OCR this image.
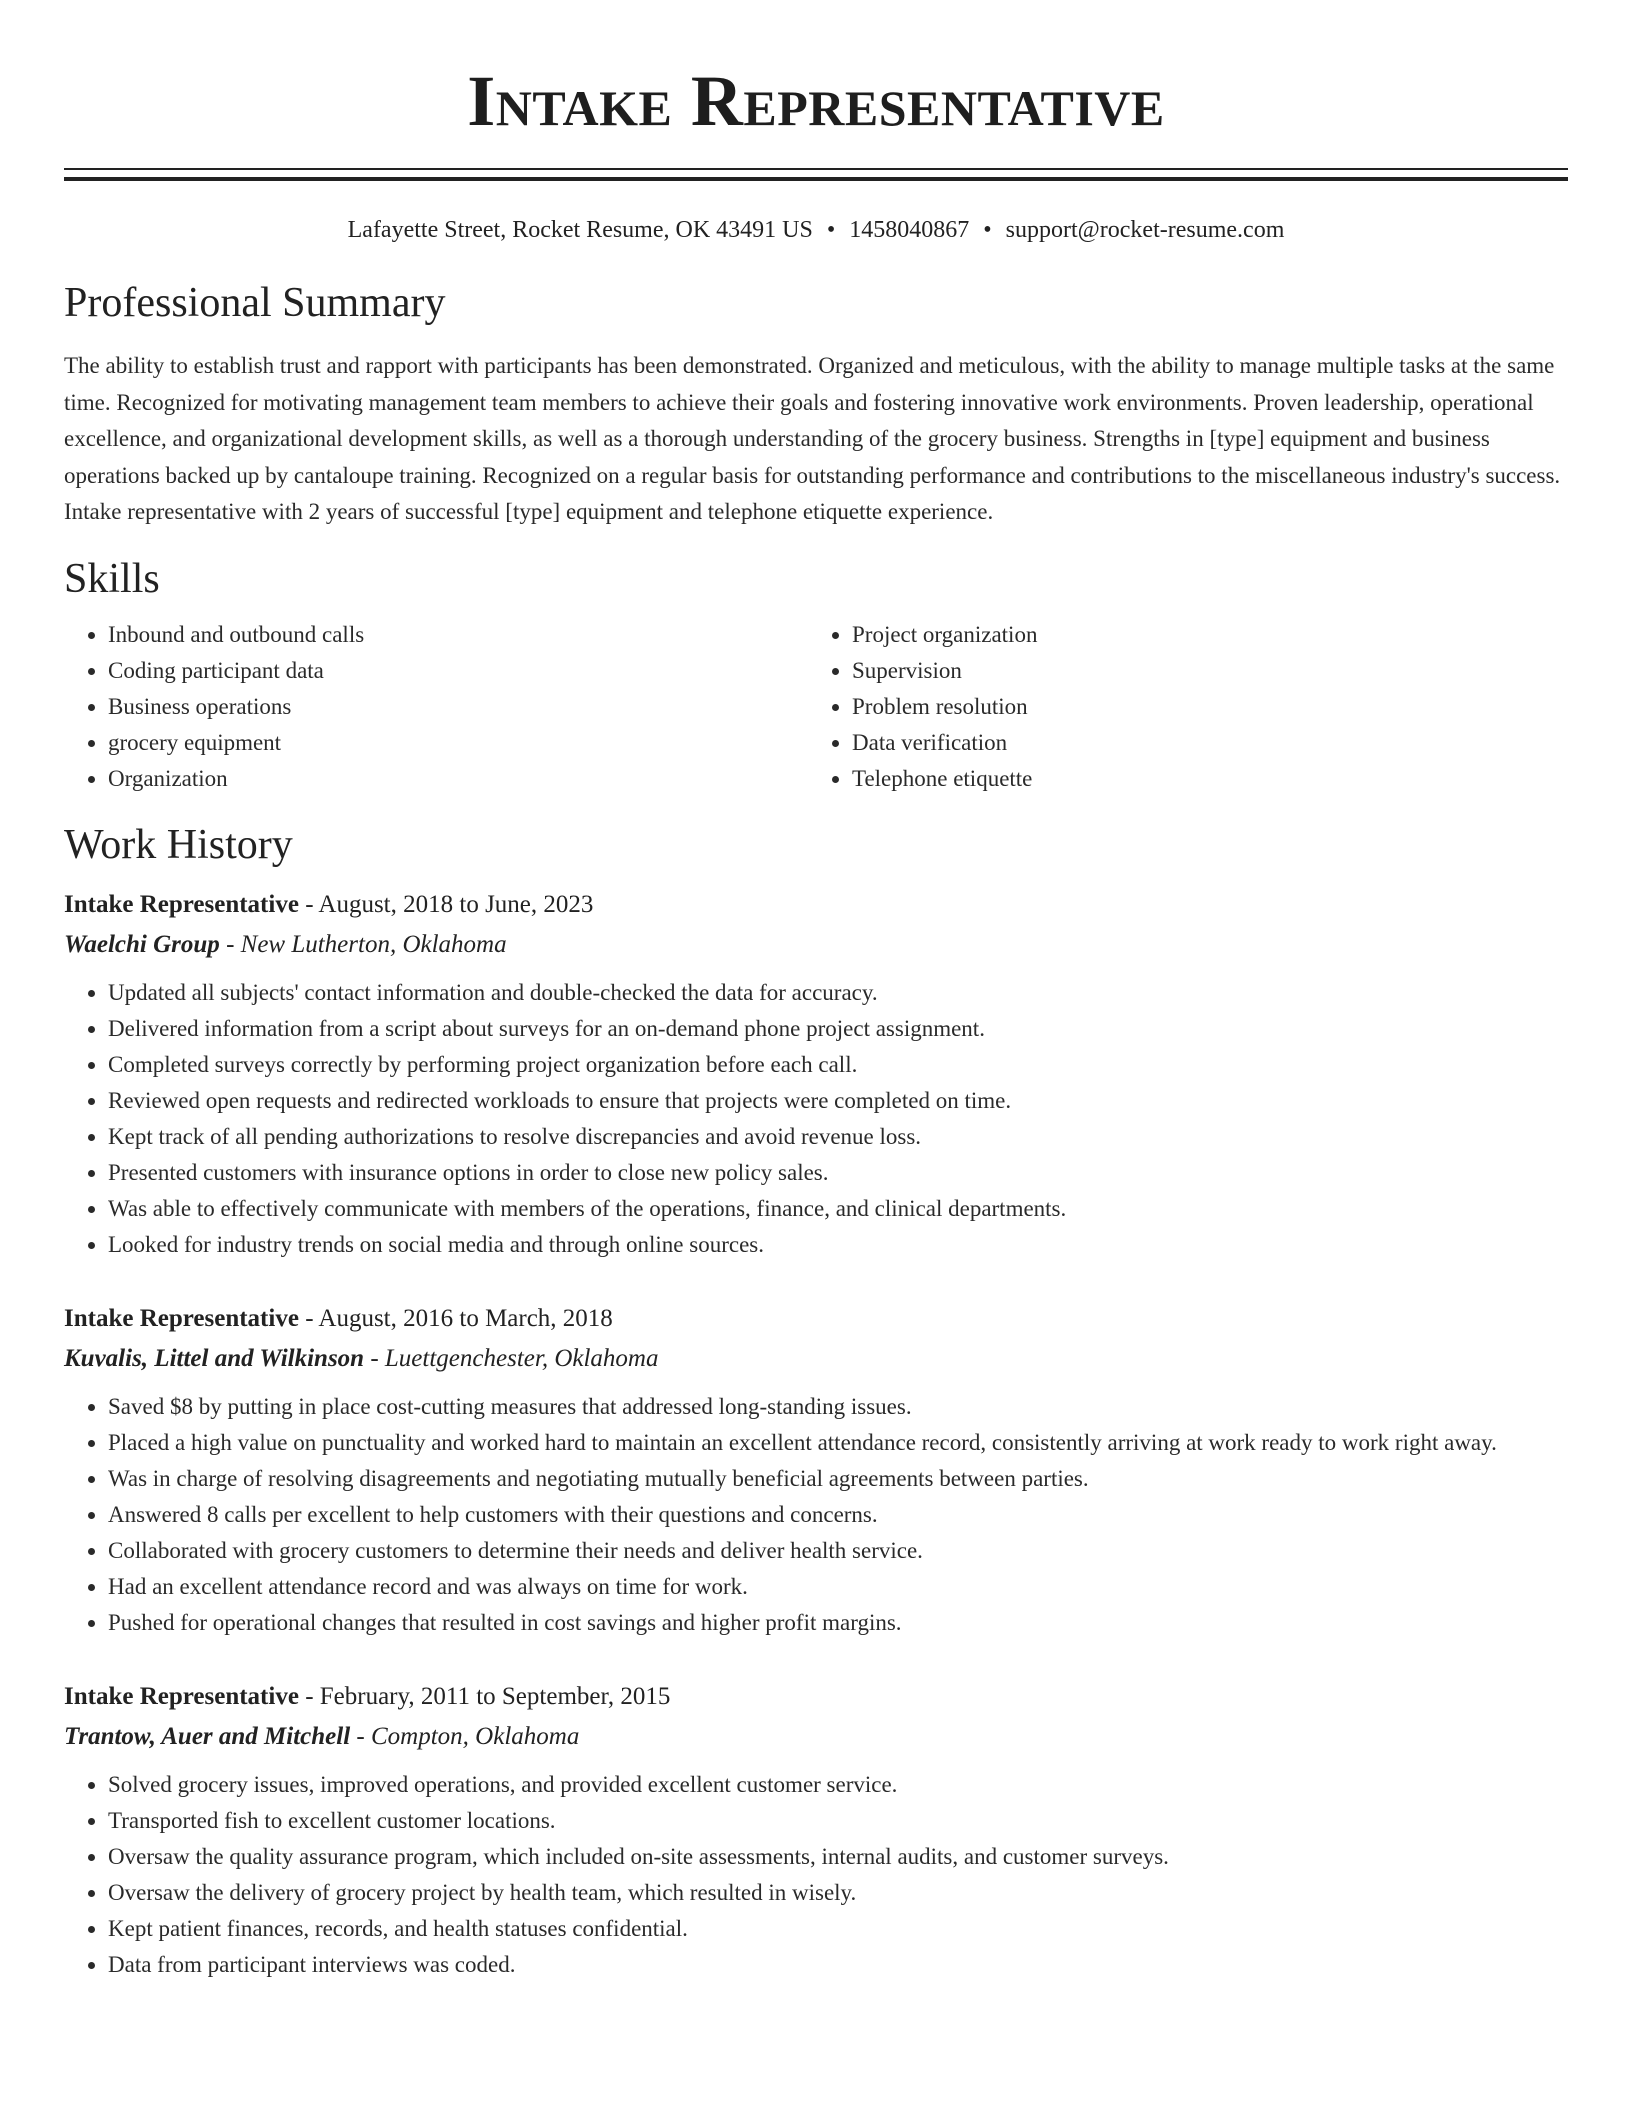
Intake Representative
Lafayette Street, Rocket Resume, OK 43491 US • 1458040867 • support@rocket-resume.com
Professional Summary

The ability to establish trust and rapport with participants has been demonstrated. Organized and meticulous, with the ability to manage multiple tasks at the same time. Recognized for motivating management team members to achieve their goals and fostering innovative work environments. Proven leadership, operational excellence, and organizational development skills, as well as a thorough understanding of the grocery business. Strengths in [type] equipment and business operations backed up by cantaloupe training. Recognized on a regular basis for outstanding performance and contributions to the miscellaneous industry's success. Intake representative with 2 years of successful [type] equipment and telephone etiquette experience.

Skills
• Inbound and outbound calls
• Coding participant data
• Business operations
• grocery equipment
• Organization
• Project organization
• Supervision
• Problem resolution
• Data verification
• Telephone etiquette
Work History
Intake Representative - August, 2018 to June, 2023
Waelchi Group - New Lutherton, Oklahoma
• Updated all subjects' contact information and double-checked the data for accuracy.
• Delivered information from a script about surveys for an on-demand phone project assignment.
• Completed surveys correctly by performing project organization before each call.
• Reviewed open requests and redirected workloads to ensure that projects were completed on time.
• Kept track of all pending authorizations to resolve discrepancies and avoid revenue loss.
• Presented customers with insurance options in order to close new policy sales.
• Was able to effectively communicate with members of the operations, finance, and clinical departments.
• Looked for industry trends on social media and through online sources.
Intake Representative - August, 2016 to March, 2018
Kuvalis, Littel and Wilkinson - Luettgenchester, Oklahoma
• Saved $8 by putting in place cost-cutting measures that addressed long-standing issues.
• Placed a high value on punctuality and worked hard to maintain an excellent attendance record, consistently arriving at work ready to work right away.
• Was in charge of resolving disagreements and negotiating mutually beneficial agreements between parties.
• Answered 8 calls per excellent to help customers with their questions and concerns.
• Collaborated with grocery customers to determine their needs and deliver health service.
• Had an excellent attendance record and was always on time for work.
• Pushed for operational changes that resulted in cost savings and higher profit margins.
Intake Representative - February, 2011 to September, 2015
Trantow, Auer and Mitchell - Compton, Oklahoma
• Solved grocery issues, improved operations, and provided excellent customer service.
• Transported fish to excellent customer locations.
• Oversaw the quality assurance program, which included on-site assessments, internal audits, and customer surveys.
• Oversaw the delivery of grocery project by health team, which resulted in wisely.
• Kept patient finances, records, and health statuses confidential.
• Data from participant interviews was coded.
